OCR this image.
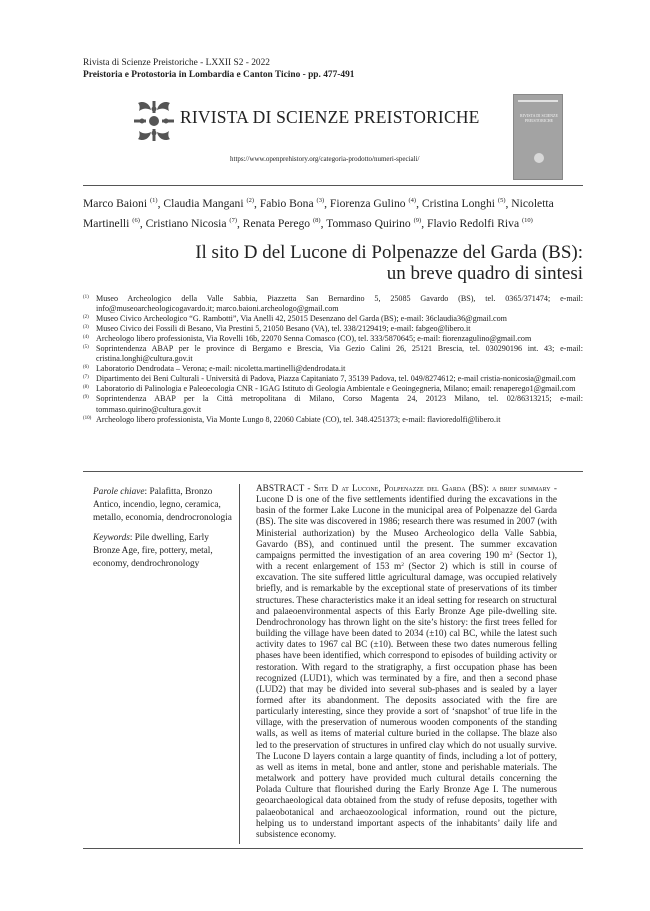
Rivista di Scienze Preistoriche - LXXII S2 - 2022
Preistoria e Protostoria in Lombardia e Canton Ticino - pp. 477-491
RIVISTA DI SCIENZE PREISTORICHE
https://www.openprehistory.org/categoria-prodotto/numeri-speciali/
RIVISTA DI SCIENZE PREISTORICHE
Marco Baioni $^{(1)}$, Claudia Mangani $^{(2)}$, Fabio Bona $^{(3)}$, Fiorenza Gulino $^{(4)}$, Cristina Longhi $^{(5)}$, Nicoletta Martinelli $^{(6)}$, Cristiano Nicosia $^{(7)}$, Renata Perego $^{(8)}$, Tommaso Quirino $^{(9)}$, Flavio Redolfi Riva $^{(10)}$
Il sito D del Lucone di Polpenazze del Garda (BS):
un breve quadro di sintesi
(1) Museo Archeologico della Valle Sabbia, Piazzetta San Bernardino 5, 25085 Gavardo (BS), tel. 0365/371474; e-mail: info@museoarcheologicogavardo.it; marco.baioni.archeologo@gmail.com
(2) Museo Civico Archeologico “G. Rambotti”, Via Anelli 42, 25015 Desenzano del Garda (BS); e-mail: 36claudia36@gmail.com
(3) Museo Civico dei Fossili di Besano, Via Prestini 5, 21050 Besano (VA), tel. 338/2129419; e-mail: fabgeo@libero.it
(4) Archeologo libero professionista, Via Rovelli 16b, 22070 Senna Comasco (CO), tel. 333/5870645; e-mail: fiorenzagulino@gmail.com
(5) Soprintendenza ABAP per le province di Bergamo e Brescia, Via Gezio Calini 26, 25121 Brescia, tel. 030290196 int. 43; e-mail: cristina.longhi@cultura.gov.it
(6) Laboratorio Dendrodata – Verona; e-mail: nicoletta.martinelli@dendrodata.it
(7) Dipartimento dei Beni Culturali - Università di Padova, Piazza Capitaniato 7, 35139 Padova, tel. 049/8274612; e-mail cristia-nonicosia@gmail.com
(8) Laboratorio di Palinologia e Paleoecologia CNR - IGAG Istituto di Geologia Ambientale e Geoingegneria, Milano; email: renaperego1@gmail.com
(9) Soprintendenza ABAP per la Città metropolitana di Milano, Corso Magenta 24, 20123 Milano, tel. 02/86313215; e-mail: tommaso.quirino@cultura.gov.it
(10) Archeologo libero professionista, Via Monte Lungo 8, 22060 Cabiate (CO), tel. 348.4251373; e-mail: flavioredolfi@libero.it

Parole chiave: Palafitta, Bronzo Antico, incendio, legno, ceramica, metallo, economia, dendrocronologia

Keywords: Pile dwelling, Early Bronze Age, fire, pottery, metal, economy, dendrochronology

ABSTRACT - Site D at Lucone, Polpenazze del Garda (BS): a brief summary - Lucone D is one of the five settlements identified during the excavations in the basin of the former Lake Lucone in the municipal area of Polpenazze del Garda (BS). The site was discovered in 1986; research there was resumed in 2007 (with Ministerial authorization) by the Museo Archeologico della Valle Sabbia, Gavardo (BS), and continued until the present. The summer excavation campaigns permitted the investigation of an area covering 190 $m^2$ (Sector 1), with a recent enlargement of 153 $m^2$ (Sector 2) which is still in course of excavation. The site suffered little agricultural damage, was occupied relatively briefly, and is remarkable by the exceptional state of preservations of its timber structures. These characteristics make it an ideal setting for research on structural and palaeoenvironmental aspects of this Early Bronze Age pile-dwelling site. Dendrochronology has thrown light on the site’s history: the first trees felled for building the village have been dated to 2034 (±10) cal BC, while the latest such activity dates to 1967 cal BC (±10). Between these two dates numerous felling phases have been identified, which correspond to episodes of building activity or restoration. With regard to the stratigraphy, a first occupation phase has been recognized (LUD1), which was terminated by a fire, and then a second phase (LUD2) that may be divided into several sub-phases and is sealed by a layer formed after its abandonment. The deposits associated with the fire are particularly interesting, since they provide a sort of ‘snapshot’ of true life in the village, with the preservation of numerous wooden components of the standing walls, as well as items of material culture buried in the collapse. The blaze also led to the preservation of structures in unfired clay which do not usually survive. The Lucone D layers contain a large quantity of finds, including a lot of pottery, as well as items in metal, bone and antler, stone and perishable materials. The metalwork and pottery have provided much cultural details concerning the Polada Culture that flourished during the Early Bronze Age I. The numerous geoarchaeological data obtained from the study of refuse deposits, together with palaeobotanical and archaeozoological information, round out the picture, helping us to understand important aspects of the inhabitants’ daily life and subsistence economy.
